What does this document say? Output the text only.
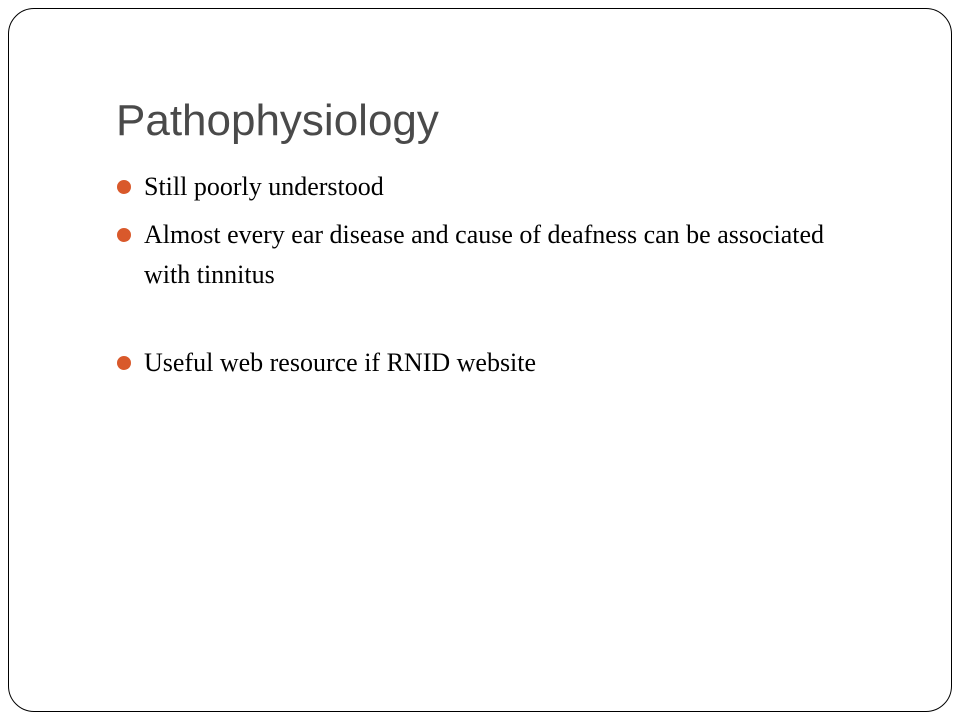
Pathophysiology
Still poorly understood
Almost every ear disease and cause of deafness can be associated with tinnitus
Useful web resource if RNID website
